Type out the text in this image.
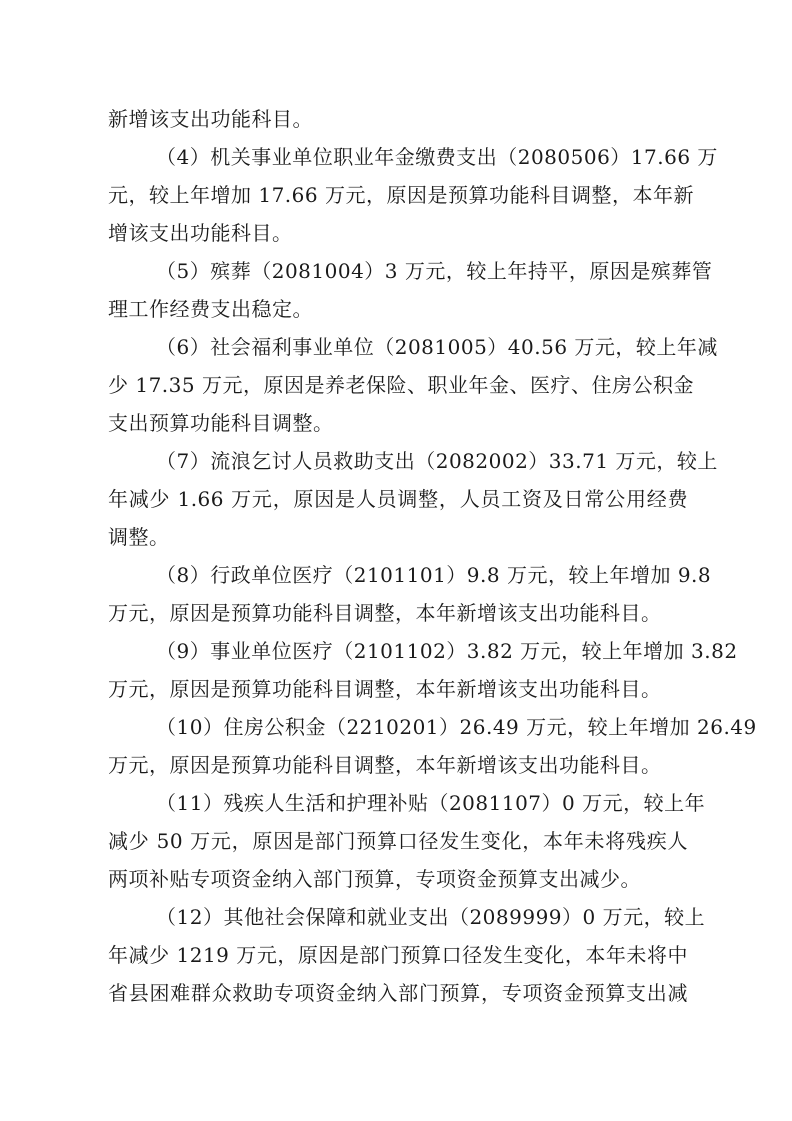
新增该支出功能科目。
（4）机关事业单位职业年金缴费支出（2080506）17.66 万
元，较上年增加 17.66 万元，原因是预算功能科目调整，本年新
增该支出功能科目。
（5）殡葬（2081004）3 万元，较上年持平，原因是殡葬管
理工作经费支出稳定。
（6）社会福利事业单位（2081005）40.56 万元，较上年减
少 17.35 万元，原因是养老保险、职业年金、医疗、住房公积金
支出预算功能科目调整。
（7）流浪乞讨人员救助支出（2082002）33.71 万元，较上
年减少 1.66 万元，原因是人员调整，人员工资及日常公用经费
调整。
（8）行政单位医疗（2101101）9.8 万元，较上年增加 9.8
万元，原因是预算功能科目调整，本年新增该支出功能科目。
（9）事业单位医疗（2101102）3.82 万元，较上年增加 3.82
万元，原因是预算功能科目调整，本年新增该支出功能科目。
（10）住房公积金（2210201）26.49 万元，较上年增加 26.49
万元，原因是预算功能科目调整，本年新增该支出功能科目。
（11）残疾人生活和护理补贴（2081107）0 万元，较上年
减少 50 万元，原因是部门预算口径发生变化，本年未将残疾人
两项补贴专项资金纳入部门预算，专项资金预算支出减少。
（12）其他社会保障和就业支出（2089999）0 万元，较上
年减少 1219 万元，原因是部门预算口径发生变化，本年未将中
省县困难群众救助专项资金纳入部门预算，专项资金预算支出减
